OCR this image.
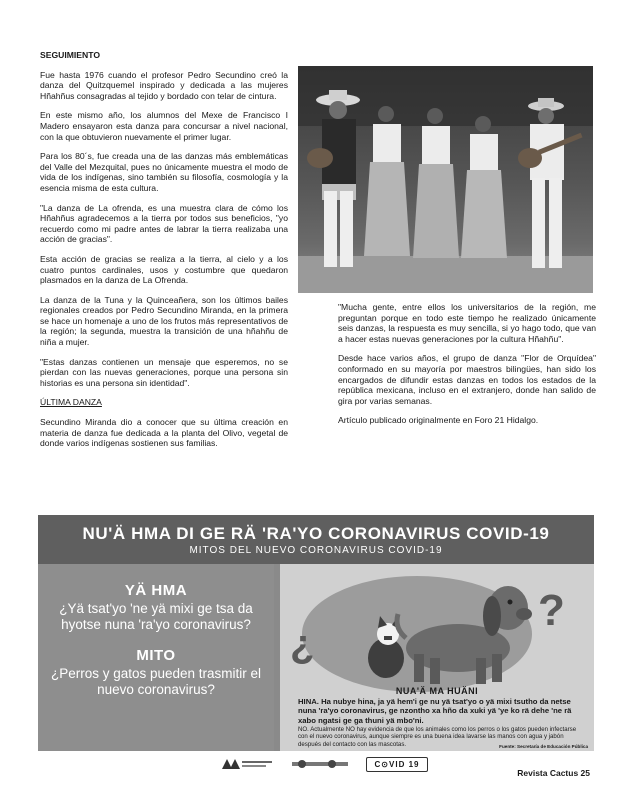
SEGUIMIENTO

Fue hasta 1976 cuando el profesor Pedro Secundino creó la danza del Quitzquemel inspirado y dedicada a las mujeres Hñahñus consagradas al tejido y bordado con telar de cintura.

En este mismo año, los alumnos del Mexe de Francisco I Madero ensayaron esta danza para concursar a nivel nacional, con la que obtuvieron nuevamente el primer lugar.

Para los 80´s, fue creada una de las danzas más emblemáticas del Valle del Mezquital, pues no únicamente muestra el modo de vida de los indígenas, sino también su filosofía, cosmología y la esencia misma de esta cultura.

"La danza de La ofrenda, es una muestra clara de cómo los Hñahñus agradecemos a la tierra por todos sus beneficios, "yo recuerdo como mi padre antes de labrar la tierra realizaba una acción de gracias".

Esta acción de gracias se realiza a la tierra, al cielo y a los cuatro puntos cardinales, usos y costumbre que quedaron plasmados en la danza de La Ofrenda.

La danza de la Tuna y la Quinceañera, son los últimos bailes regionales creados por Pedro Secundino Miranda, en la primera se hace un homenaje a uno de los frutos más representativos de la región; la segunda, muestra la transición de una hñahñu de niña a mujer.

"Estas danzas contienen un mensaje que esperemos, no se pierdan con las nuevas generaciones, porque una persona sin historias es una persona sin identidad".

ÚLTIMA DANZA

Secundino Miranda dio a conocer que su última creación en materia de danza fue dedicada a la planta del Olivo, vegetal de donde varios indígenas sostienen sus familias.

"Mucha gente, entre ellos los universitarios de la región, me preguntan porque en todo este tiempo he realizado únicamente seis danzas, la respuesta es muy sencilla, si yo hago todo, que van a hacer estas nuevas generaciones por la cultura Hñahñu".

Desde hace varios años, el grupo de danza "Flor de Orquídea" conformado en su mayoría por maestros bilingües, han sido los encargados de difundir estas danzas en todos los estados de la república mexicana, incluso en el extranjero, donde han salido de gira por varias semanas.

Artículo publicado originalmente en Foro 21 Hidalgo.

NU'Ä HMA DI GE RÄ 'RA'YO CORONAVIRUS COVID-19
MITOS DEL NUEVO CORONAVIRUS COVID-19
YÄ HMA
¿Yä tsat'yo 'ne yä mixi ge tsa da hyotse nuna 'ra'yo coronavirus?
MITO
¿Perros y gatos pueden trasmitir el nuevo coronavirus?
¿
?
NUA'Ä MA HUÄNI
HINA. Ha nubye hina, ja yä hem'i ge nu yä tsat'yo o yä mixi tsutho da netse nuna 'ra'yo coronavirus, ge nzontho xa hño da xuki yä 'ye ko rä dehe 'ne rä xabo ngatsi ge ga thuni yä mbo'ni.
NO. Actualmente NO hay evidencia de que los animales como los perros o los gatos pueden infectarse con el nuevo coronavirus, aunque siempre es una buena idea lavarse las manos con agua y jabón después del contacto con las mascotas.	Fuente: Secretaría de Educación Pública
C⊙VID 19
Revista Cactus 25
